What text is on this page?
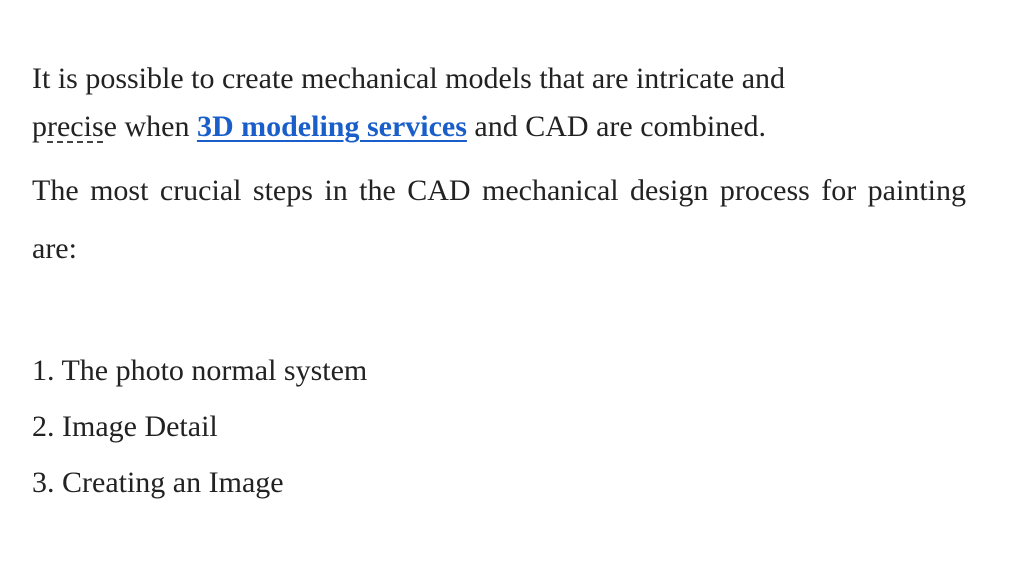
It is possible to create mechanical models that are intricate and
precise when 3D modeling services and CAD are combined.

The most crucial steps in the CAD mechanical design process for painting are:

1. The photo normal system
2. Image Detail
3. Creating an Image
